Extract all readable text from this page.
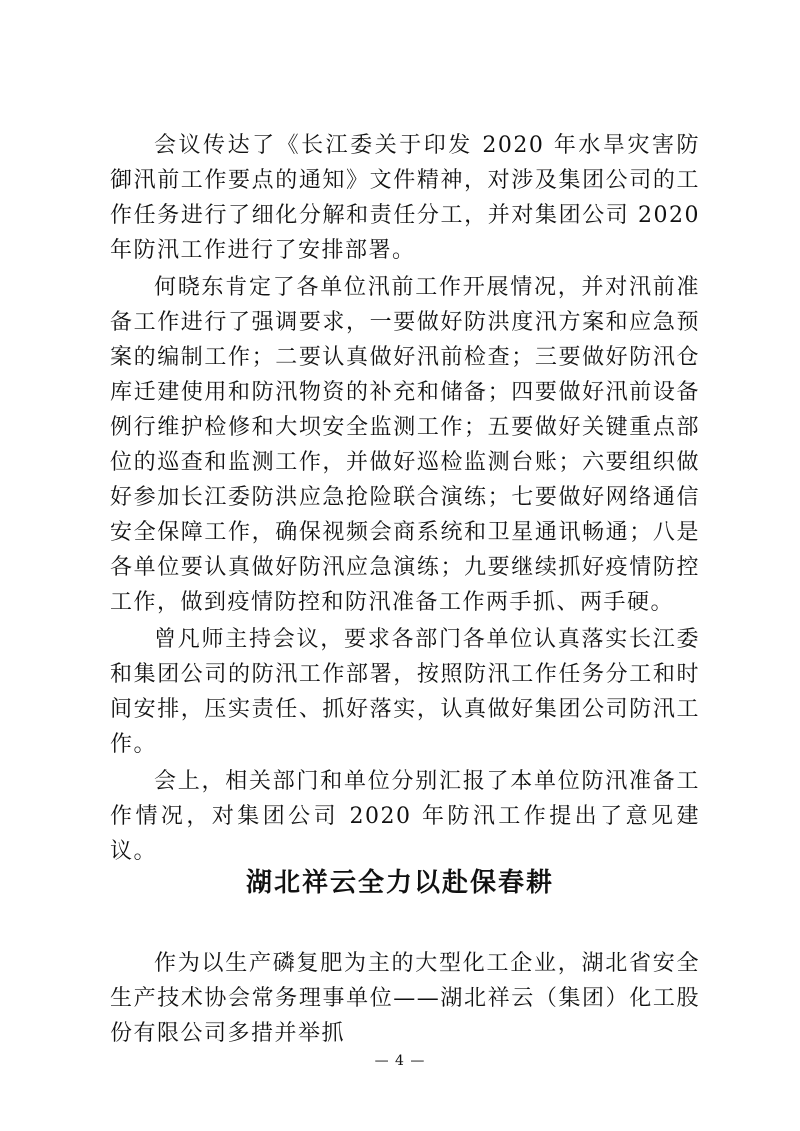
会议传达了《长江委关于印发 2020 年水旱灾害防御汛前工作要点的通知》文件精神，对涉及集团公司的工作任务进行了细化分解和责任分工，并对集团公司 2020 年防汛工作进行了安排部署。

何晓东肯定了各单位汛前工作开展情况，并对汛前准备工作进行了强调要求，一要做好防洪度汛方案和应急预案的编制工作；二要认真做好汛前检查；三要做好防汛仓库迁建使用和防汛物资的补充和储备；四要做好汛前设备例行维护检修和大坝安全监测工作；五要做好关键重点部位的巡查和监测工作，并做好巡检监测台账；六要组织做好参加长江委防洪应急抢险联合演练；七要做好网络通信安全保障工作，确保视频会商系统和卫星通讯畅通；八是各单位要认真做好防汛应急演练；九要继续抓好疫情防控工作，做到疫情防控和防汛准备工作两手抓、两手硬。

曾凡师主持会议，要求各部门各单位认真落实长江委和集团公司的防汛工作部署，按照防汛工作任务分工和时间安排，压实责任、抓好落实，认真做好集团公司防汛工作。

会上，相关部门和单位分别汇报了本单位防汛准备工作情况，对集团公司 2020 年防汛工作提出了意见建议。

湖北祥云全力以赴保春耕

作为以生产磷复肥为主的大型化工企业，湖北省安全生产技术协会常务理事单位——湖北祥云（集团）化工股份有限公司多措并举抓

— 4 —
